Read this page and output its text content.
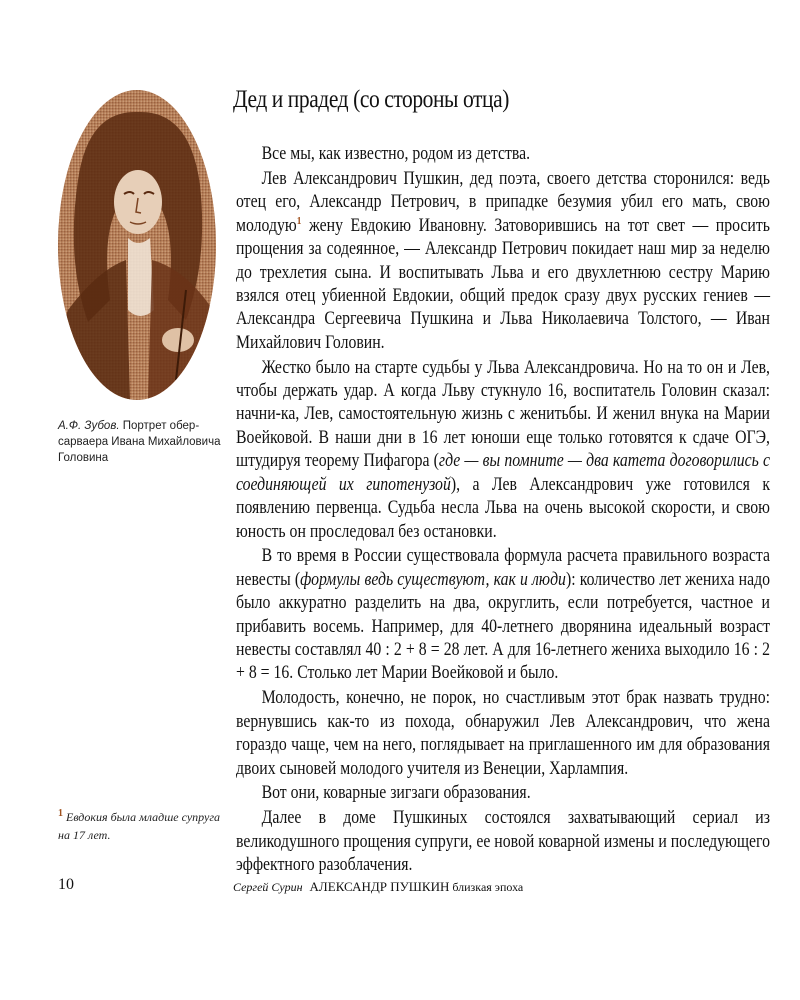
А.Ф. Зубов. Портрет обер-сарваера Ивана Михайловича Головина
Дед и прадед (со стороны отца)

Все мы, как известно, родом из детства.

Лев Александрович Пушкин, дед поэта, своего детства сторонился: ведь отец его, Александр Петрович, в припадке безумия убил его мать, свою молодую$^1$ жену Евдокию Ивановну. Затоворившись на тот свет — просить прощения за содеянное, — Александр Петрович покидает наш мир за неделю до трехлетия сына. И воспитывать Льва и его двухлетнюю сестру Марию взялся отец убиенной Евдокии, общий предок сразу двух русских гениев — Александра Сергеевича Пушкина и Льва Николаевича Толстого, — Иван Михайлович Головин.

Жестко было на старте судьбы у Льва Александровича. Но на то он и Лев, чтобы держать удар. А когда Льву стукнуло 16, воспитатель Головин сказал: начни-ка, Лев, самостоятельную жизнь с женитьбы. И женил внука на Марии Воейковой. В наши дни в 16 лет юноши еще только готовятся к сдаче ОГЭ, штудируя теорему Пифагора (где — вы помните — два катета договорились с соединяющей их гипотенузой), а Лев Александрович уже готовился к появлению первенца. Судьба несла Льва на очень высокой скорости, и свою юность он проследовал без остановки.

В то время в России существовала формула расчета правильного возраста невесты (формулы ведь существуют, как и люди): количество лет жениха надо было аккуратно разделить на два, округлить, если потребуется, частное и прибавить восемь. Например, для 40-летнего дворянина идеальный возраст невесты составлял 40 : 2 + 8 = 28 лет. А для 16-летнего жениха выходило 16 : 2 + 8 = 16. Столько лет Марии Воейковой и было.

Молодость, конечно, не порок, но счастливым этот брак назвать трудно: вернувшись как-то из похода, обнаружил Лев Александрович, что жена гораздо чаще, чем на него, поглядывает на приглашенного им для образования двоих сыновей молодого учителя из Венеции, Харлампия.

Вот они, коварные зигзаги образования.

Далее в доме Пушкиных состоялся захватывающий сериал из великодушного прощения супруги, ее новой коварной измены и последующего эффектного разоблачения.

$^1$ Евдокия была младше супруга на 17 лет.
10	Сергей Сурин АЛЕКСАНДР ПУШКИН близкая эпоха
